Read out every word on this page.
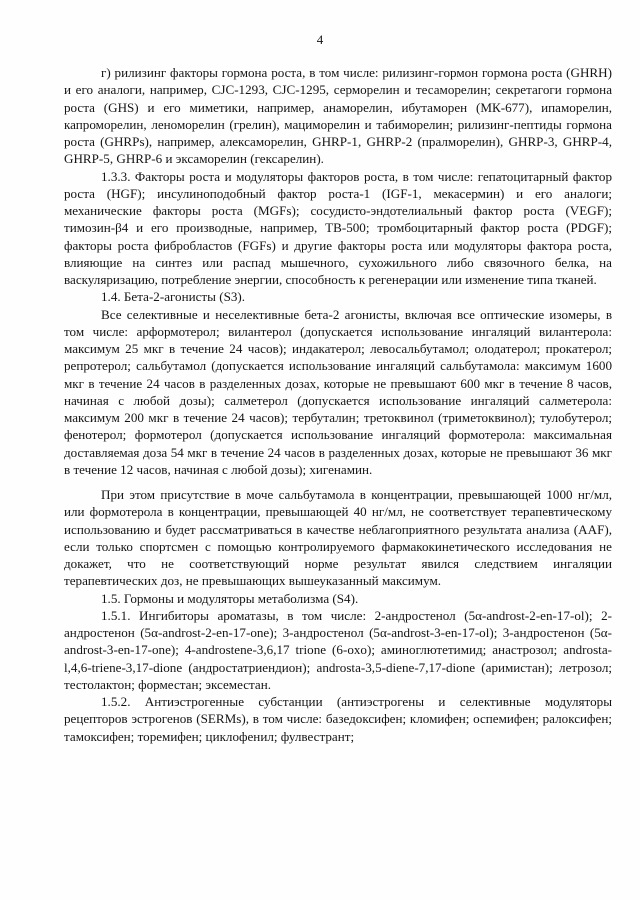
4

г) рилизинг факторы гормона роста, в том числе: рилизинг-гормон гормона роста (GHRH) и его аналоги, например, CJC-1293, CJC-1295, серморелин и тесаморелин; секретагоги гормона роста (GHS) и его миметики, например, анаморелин, ибутаморен (МК-677), ипаморелин, капроморелин, леноморелин (грелин), мациморелин и табиморелин; рилизинг-пептиды гормона роста (GHRPs), например, алексаморелин, GHRP-1, GHRP-2 (пралморелин), GHRP-3, GHRP-4, GHRP-5, GHRP-6 и эксаморелин (гексарелин).

1.3.3. Факторы роста и модуляторы факторов роста, в том числе: гепатоцитарный фактор роста (HGF); инсулиноподобный фактор роста-1 (IGF-1, мекасермин) и его аналоги; механические факторы роста (MGFs); сосудисто-эндотелиальный фактор роста (VEGF); тимозин-β4 и его производные, например, ТВ-500; тромбоцитарный фактор роста (PDGF); факторы роста фибробластов (FGFs) и другие факторы роста или модуляторы фактора роста, влияющие на синтез или распад мышечного, сухожильного либо связочного белка, на васкуляризацию, потребление энергии, способность к регенерации или изменение типа тканей.

1.4. Бета-2-агонисты (S3).

Все селективные и неселективные бета-2 агонисты, включая все оптические изомеры, в том числе: арформотерол; вилантерол (допускается использование ингаляций вилантерола: максимум 25 мкг в течение 24 часов); индакатерол; левосальбутамол; олодатерол; прокатерол; репротерол; сальбутамол (допускается использование ингаляций сальбутамола: максимум 1600 мкг в течение 24 часов в разделенных дозах, которые не превышают 600 мкг в течение 8 часов, начиная с любой дозы); салметерол (допускается использование ингаляций салметерола: максимум 200 мкг в течение 24 часов); тербуталин; третоквинол (триметоквинол); тулобутерол; фенотерол; формотерол (допускается использование ингаляций формотерола: максимальная доставляемая доза 54 мкг в течение 24 часов в разделенных дозах, которые не превышают 36 мкг в течение 12 часов, начиная с любой дозы); хигенамин.

При этом присутствие в моче сальбутамола в концентрации, превышающей 1000 нг/мл, или формотерола в концентрации, превышающей 40 нг/мл, не соответствует терапевтическому использованию и будет рассматриваться в качестве неблагоприятного результата анализа (AAF), если только спортсмен с помощью контролируемого фармакокинетического исследования не докажет, что не соответствующий норме результат явился следствием ингаляции терапевтических доз, не превышающих вышеуказанный максимум.

1.5. Гормоны и модуляторы метаболизма (S4).

1.5.1. Ингибиторы ароматазы, в том числе: 2-андростенол (5α-androst-2-en-17-ol); 2-андростенон (5α-androst-2-en-17-one); 3-андростенол (5α-androst-3-en-17-ol); 3-андростенон (5α-androst-3-en-17-one); 4-androstene-3,6,17 trione (6-oxo); аминоглютетимид; анастрозол; androsta-l,4,6-triene-3,17-dione (андростатриендион); androsta-3,5-diene-7,17-dione (аримистан); летрозол; тестолактон; форместан; эксеместан.

1.5.2. Антиэстрогенные субстанции (антиэстрогены и селективные модуляторы рецепторов эстрогенов (SERMs), в том числе: базедоксифен; кломифен; оспемифен; ралоксифен; тамоксифен; торемифен; циклофенил; фулвестрант;
